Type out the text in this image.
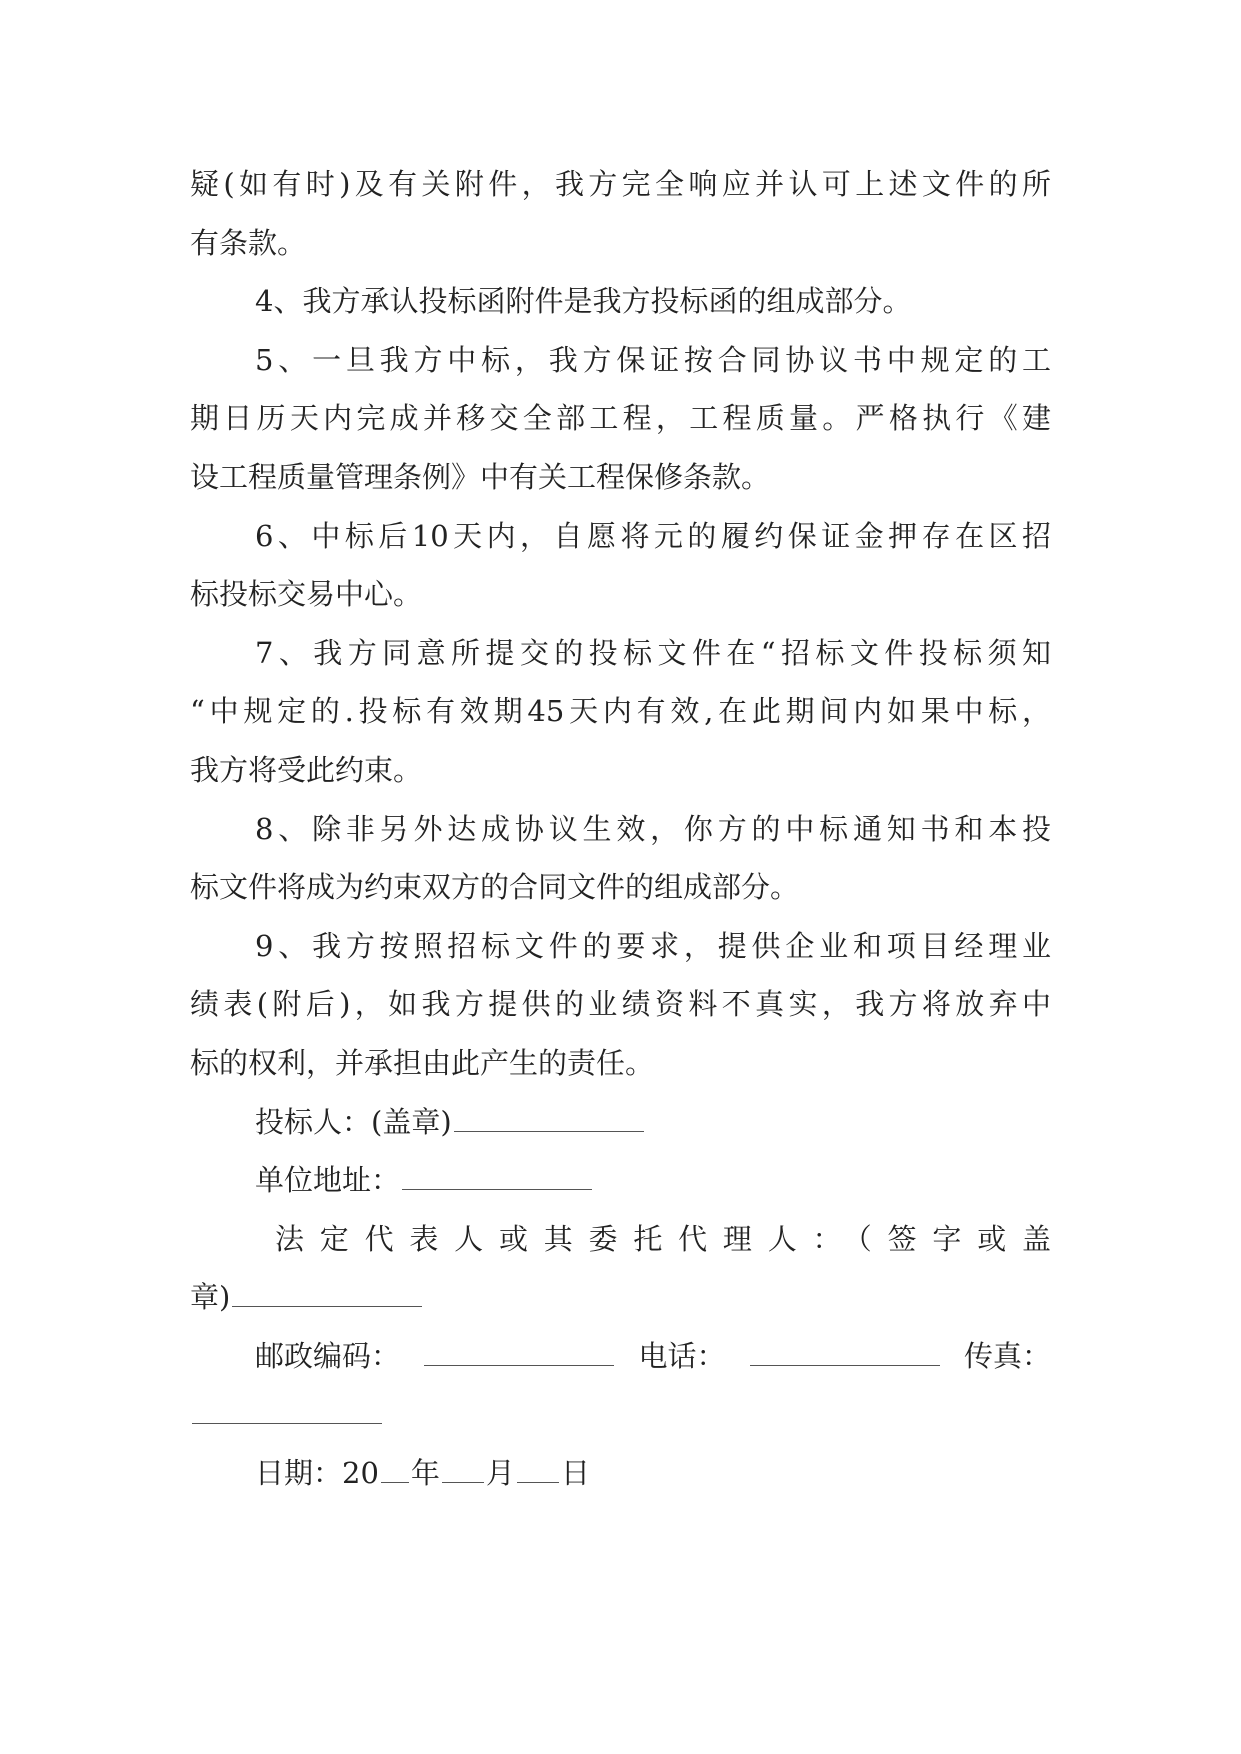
疑(如有时)及有关附件，我方完全响应并认可上述文件的所
有条款。
4、我方承认投标函附件是我方投标函的组成部分。
5、一旦我方中标，我方保证按合同协议书中规定的工
期日历天内完成并移交全部工程，工程质量。严格执行《建
设工程质量管理条例》中有关工程保修条款。
6、中标后10天内，自愿将元的履约保证金押存在区招
标投标交易中心。
7、我方同意所提交的投标文件在“招标文件投标须知
“中规定的.投标有效期45天内有效,在此期间内如果中标，
我方将受此约束。
8、除非另外达成协议生效，你方的中标通知书和本投
标文件将成为约束双方的合同文件的组成部分。
9、我方按照招标文件的要求，提供企业和项目经理业
绩表(附后)，如我方提供的业绩资料不真实，我方将放弃中
标的权利，并承担由此产生的责任。
投标人：(盖章)
单位地址：
法定代表人或其委托代理人：（签字或盖
章)
邮政编码：	电话：	传真：
日期：20 年 月 日
